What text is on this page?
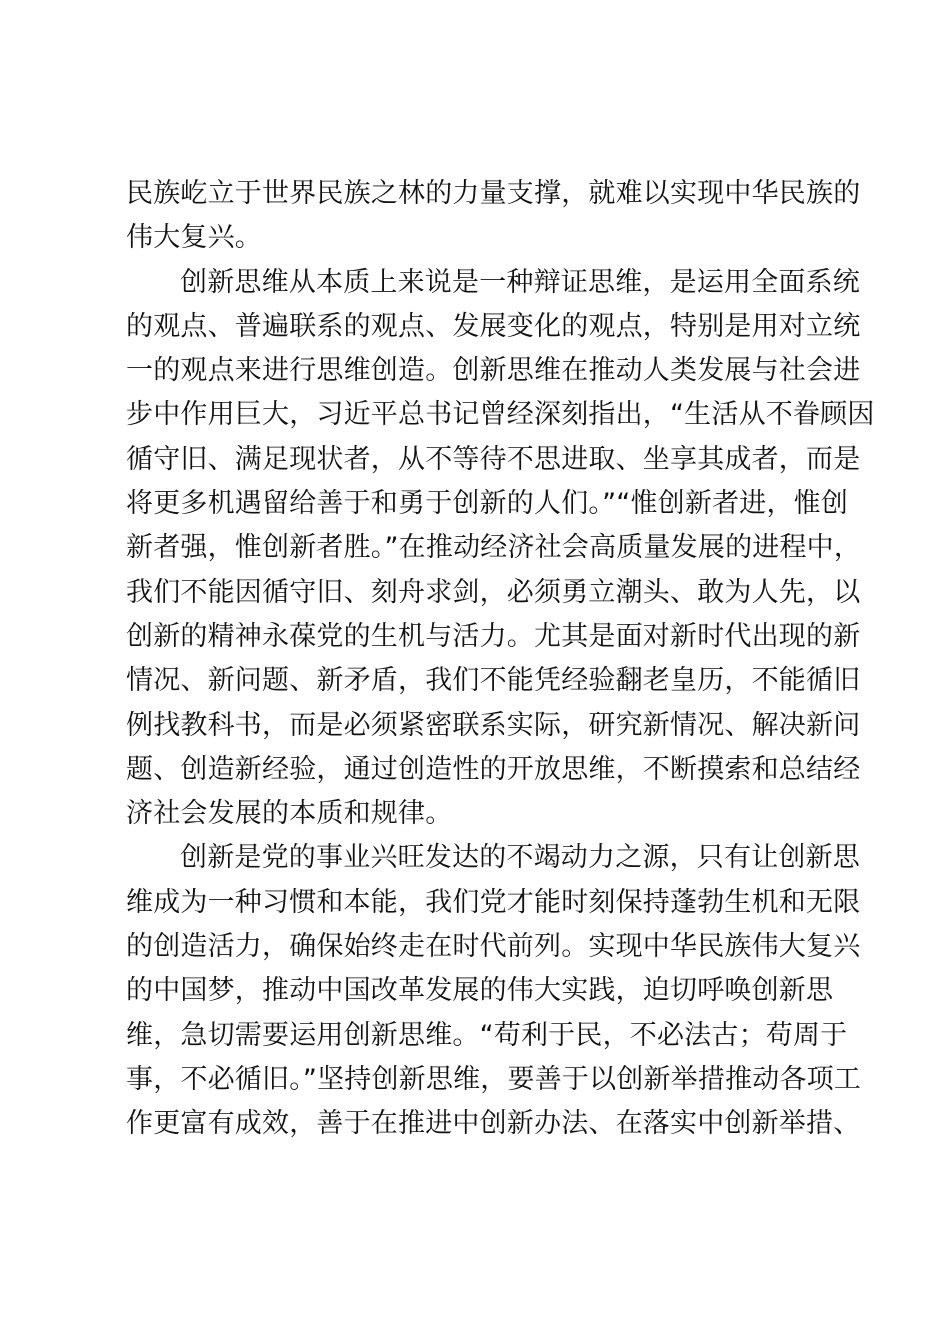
民族屹立于世界民族之林的力量支撑，就难以实现中华民族的
伟大复兴。
创新思维从本质上来说是一种辩证思维，是运用全面系统
的观点、普遍联系的观点、发展变化的观点，特别是用对立统
一的观点来进行思维创造。创新思维在推动人类发展与社会进
步中作用巨大，习近平总书记曾经深刻指出，“生活从不眷顾因
循守旧、满足现状者，从不等待不思进取、坐享其成者，而是
将更多机遇留给善于和勇于创新的人们。”“惟创新者进，惟创
新者强，惟创新者胜。”在推动经济社会高质量发展的进程中，
我们不能因循守旧、刻舟求剑，必须勇立潮头、敢为人先，以
创新的精神永葆党的生机与活力。尤其是面对新时代出现的新
情况、新问题、新矛盾，我们不能凭经验翻老皇历，不能循旧
例找教科书，而是必须紧密联系实际，研究新情况、解决新问
题、创造新经验，通过创造性的开放思维，不断摸索和总结经
济社会发展的本质和规律。
创新是党的事业兴旺发达的不竭动力之源，只有让创新思
维成为一种习惯和本能，我们党才能时刻保持蓬勃生机和无限
的创造活力，确保始终走在时代前列。实现中华民族伟大复兴
的中国梦，推动中国改革发展的伟大实践，迫切呼唤创新思
维，急切需要运用创新思维。“苟利于民，不必法古；苟周于
事，不必循旧。”坚持创新思维，要善于以创新举措推动各项工
作更富有成效，善于在推进中创新办法、在落实中创新举措、
